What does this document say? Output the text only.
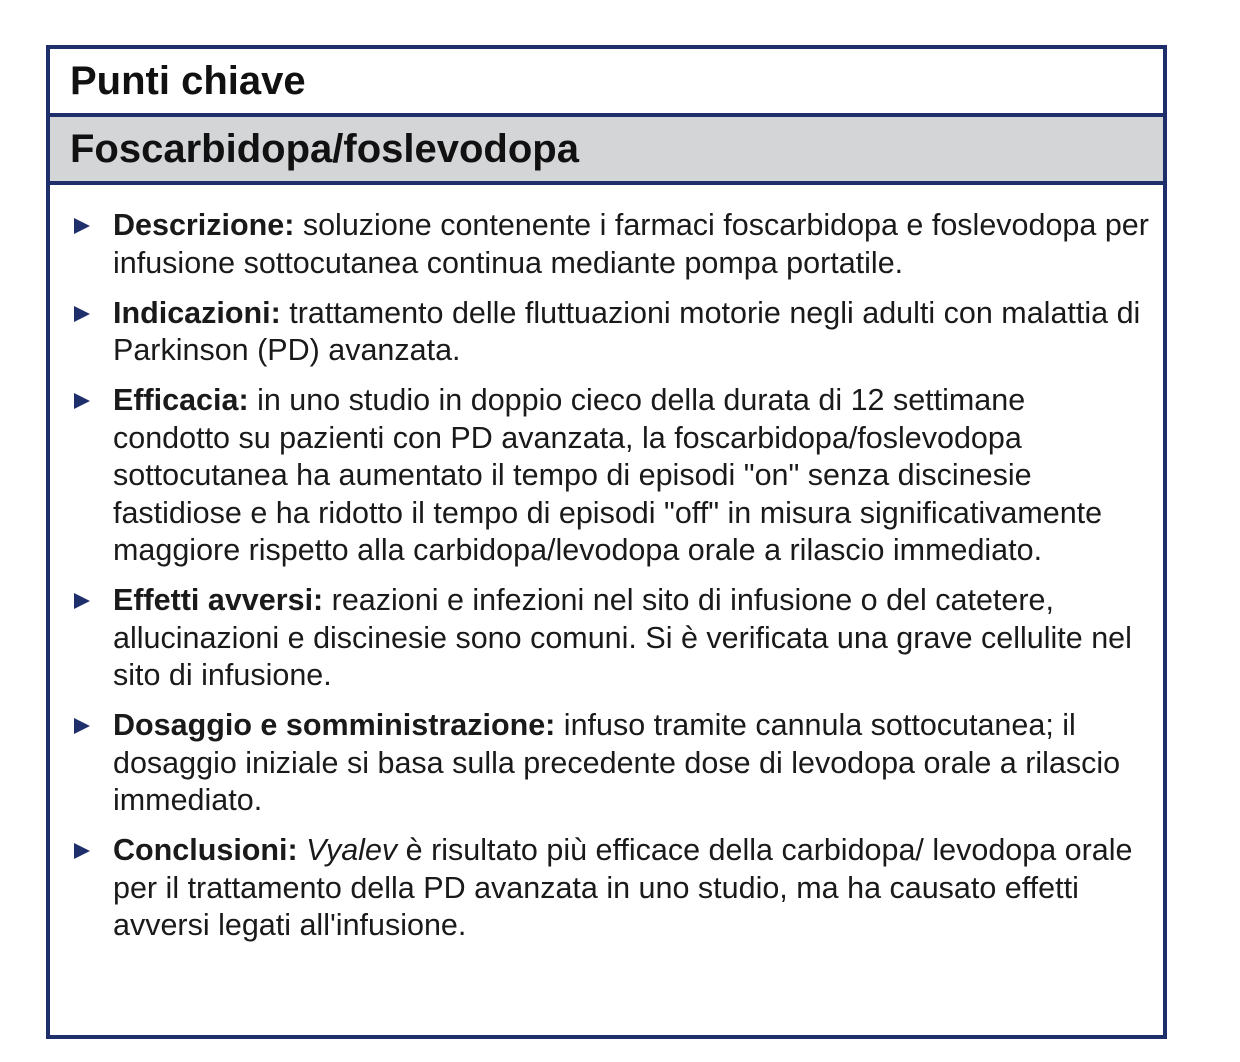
Punti chiave
Foscarbidopa/foslevodopa
Descrizione: soluzione contenente i farmaci foscarbidopa e foslevodopa per infusione sottocutanea continua mediante pompa portatile.
Indicazioni: trattamento delle fluttuazioni motorie negli adulti con malattia di Parkinson (PD) avanzata.
Efficacia: in uno studio in doppio cieco della durata di 12 settimane condotto su pazienti con PD avanzata, la foscarbidopa/foslevodopa sottocutanea ha aumentato il tempo di episodi "on" senza discinesie fastidiose e ha ridotto il tempo di episodi "off" in misura significativamente maggiore rispetto alla carbidopa/levodopa orale a rilascio immediato.
Effetti avversi: reazioni e infezioni nel sito di infusione o del catetere, allucinazioni e discinesie sono comuni. Si è verificata una grave cellulite nel sito di infusione.
Dosaggio e somministrazione: infuso tramite cannula sottocutanea; il dosaggio iniziale si basa sulla precedente dose di levodopa orale a rilascio immediato.
Conclusioni: Vyalev è risultato più efficace della carbidopa/ levodopa orale per il trattamento della PD avanzata in uno studio, ma ha causato effetti avversi legati all'infusione.
